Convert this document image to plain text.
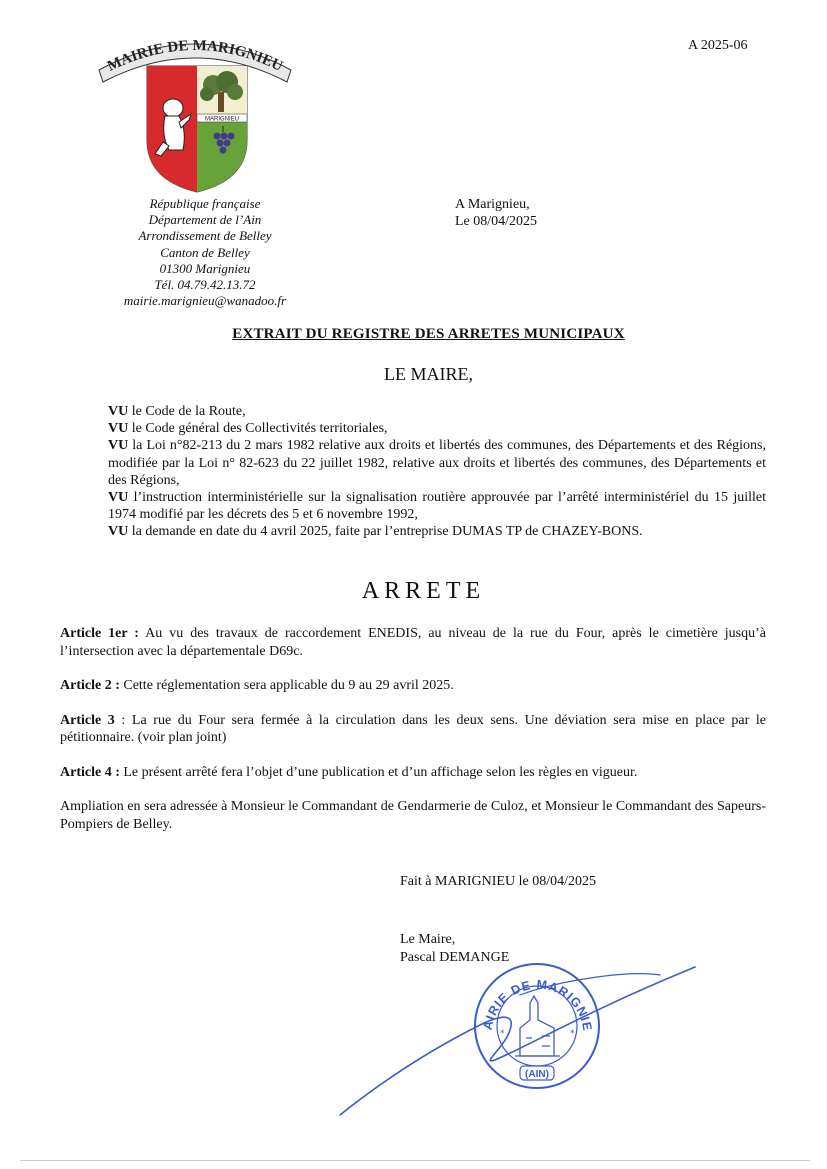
A 2025-06
MAIRIE DE MARIGNIEU
MARIGNIEU
République française
Département de l’Ain
Arrondissement de Belley
Canton de Belley
01300 Marignieu
Tél. 04.79.42.13.72
mairie.marignieu@wanadoo.fr
A Marignieu,
Le 08/04/2025
EXTRAIT DU REGISTRE DES ARRETES MUNICIPAUX
LE MAIRE,

VU le Code de la Route,

VU le Code général des Collectivités territoriales,

VU la Loi n°82-213 du 2 mars 1982 relative aux droits et libertés des communes, des Départements et des Régions, modifiée par la Loi n° 82-623 du 22 juillet 1982, relative aux droits et libertés des communes, des Départements et des Régions,

VU l’instruction interministérielle sur la signalisation routière approuvée par l’arrêté interministériel du 15 juillet 1974 modifié par les décrets des 5 et 6 novembre 1992,

VU la demande en date du 4 avril 2025, faite par l’entreprise DUMAS TP de CHAZEY-BONS.

ARRETE

Article 1er : Au vu des travaux de raccordement ENEDIS, au niveau de la rue du Four, après le cimetière jusqu’à l’intersection avec la départementale D69c.

Article 2 : Cette réglementation sera applicable du 9 au 29 avril 2025.

Article 3 : La rue du Four sera fermée à la circulation dans les deux sens. Une déviation sera mise en place par le pétitionnaire. (voir plan joint)

Article 4 : Le présent arrêté fera l’objet d’une publication et d’un affichage selon les règles en vigueur.

Ampliation en sera adressée à Monsieur le Commandant de Gendarmerie de Culoz, et Monsieur le Commandant des Sapeurs-Pompiers de Belley.

Fait à MARIGNIEU le 08/04/2025
Le Maire,
Pascal DEMANGE
AIRIE DE MARIGNIE
*	*
(AIN)
